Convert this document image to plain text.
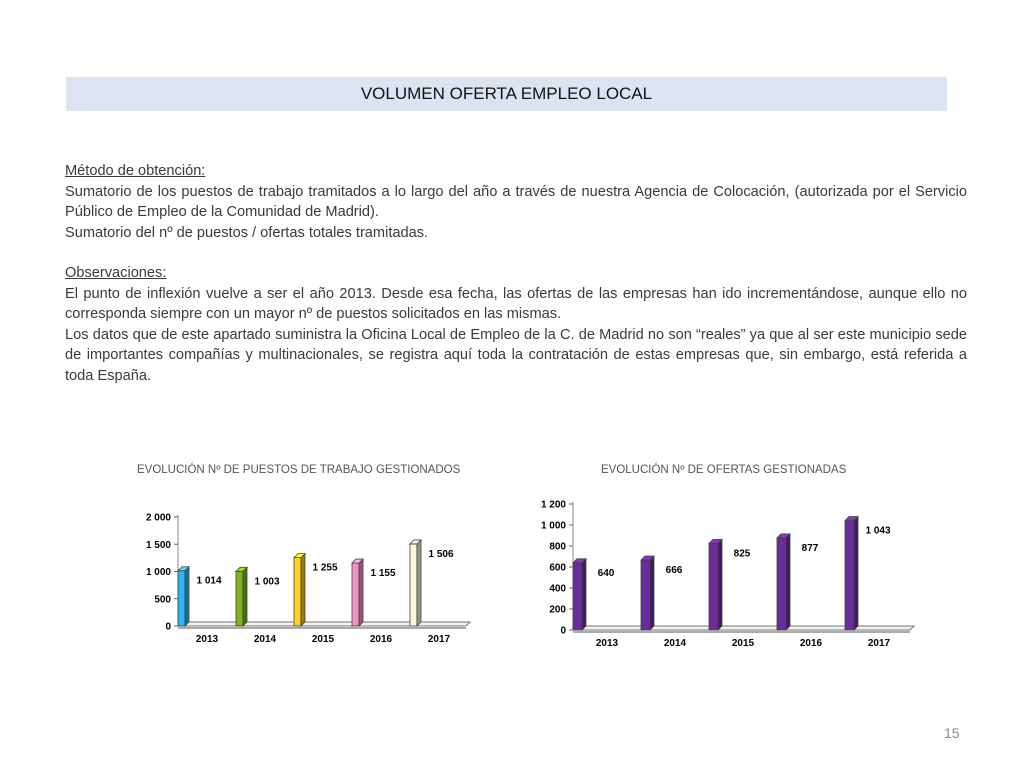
VOLUMEN OFERTA EMPLEO LOCAL

Método de obtención:

Sumatorio de los puestos de trabajo tramitados a lo largo del año a través de nuestra Agencia de Colocación, (autorizada por el Servicio Público de Empleo de la Comunidad de Madrid).

Sumatorio del nº de puestos / ofertas totales tramitadas.

Observaciones:

El punto de inflexión vuelve a ser el año 2013. Desde esa fecha, las ofertas de las empresas han ido incrementándose, aunque ello no corresponda siempre con un mayor nº de puestos solicitados en las mismas.

Los datos que de este apartado suministra la Oficina Local de Empleo de la C. de Madrid no son “reales” ya que al ser este municipio sede de importantes compañías y multinacionales, se registra aquí toda la contratación de estas empresas que, sin embargo, está referida a toda España.

EVOLUCIÓN Nº DE PUESTOS DE TRABAJO GESTIONADOS
0
500
1 000
1 500
2 000
1 014
2013
1 003
2014
1 255
2015
1 155
2016
1 506
2017
EVOLUCIÓN Nº DE OFERTAS GESTIONADAS
0
200
400
600
800
1 000
1 200
640
2013
666
2014
825
2015
877
2016
1 043
2017
15
